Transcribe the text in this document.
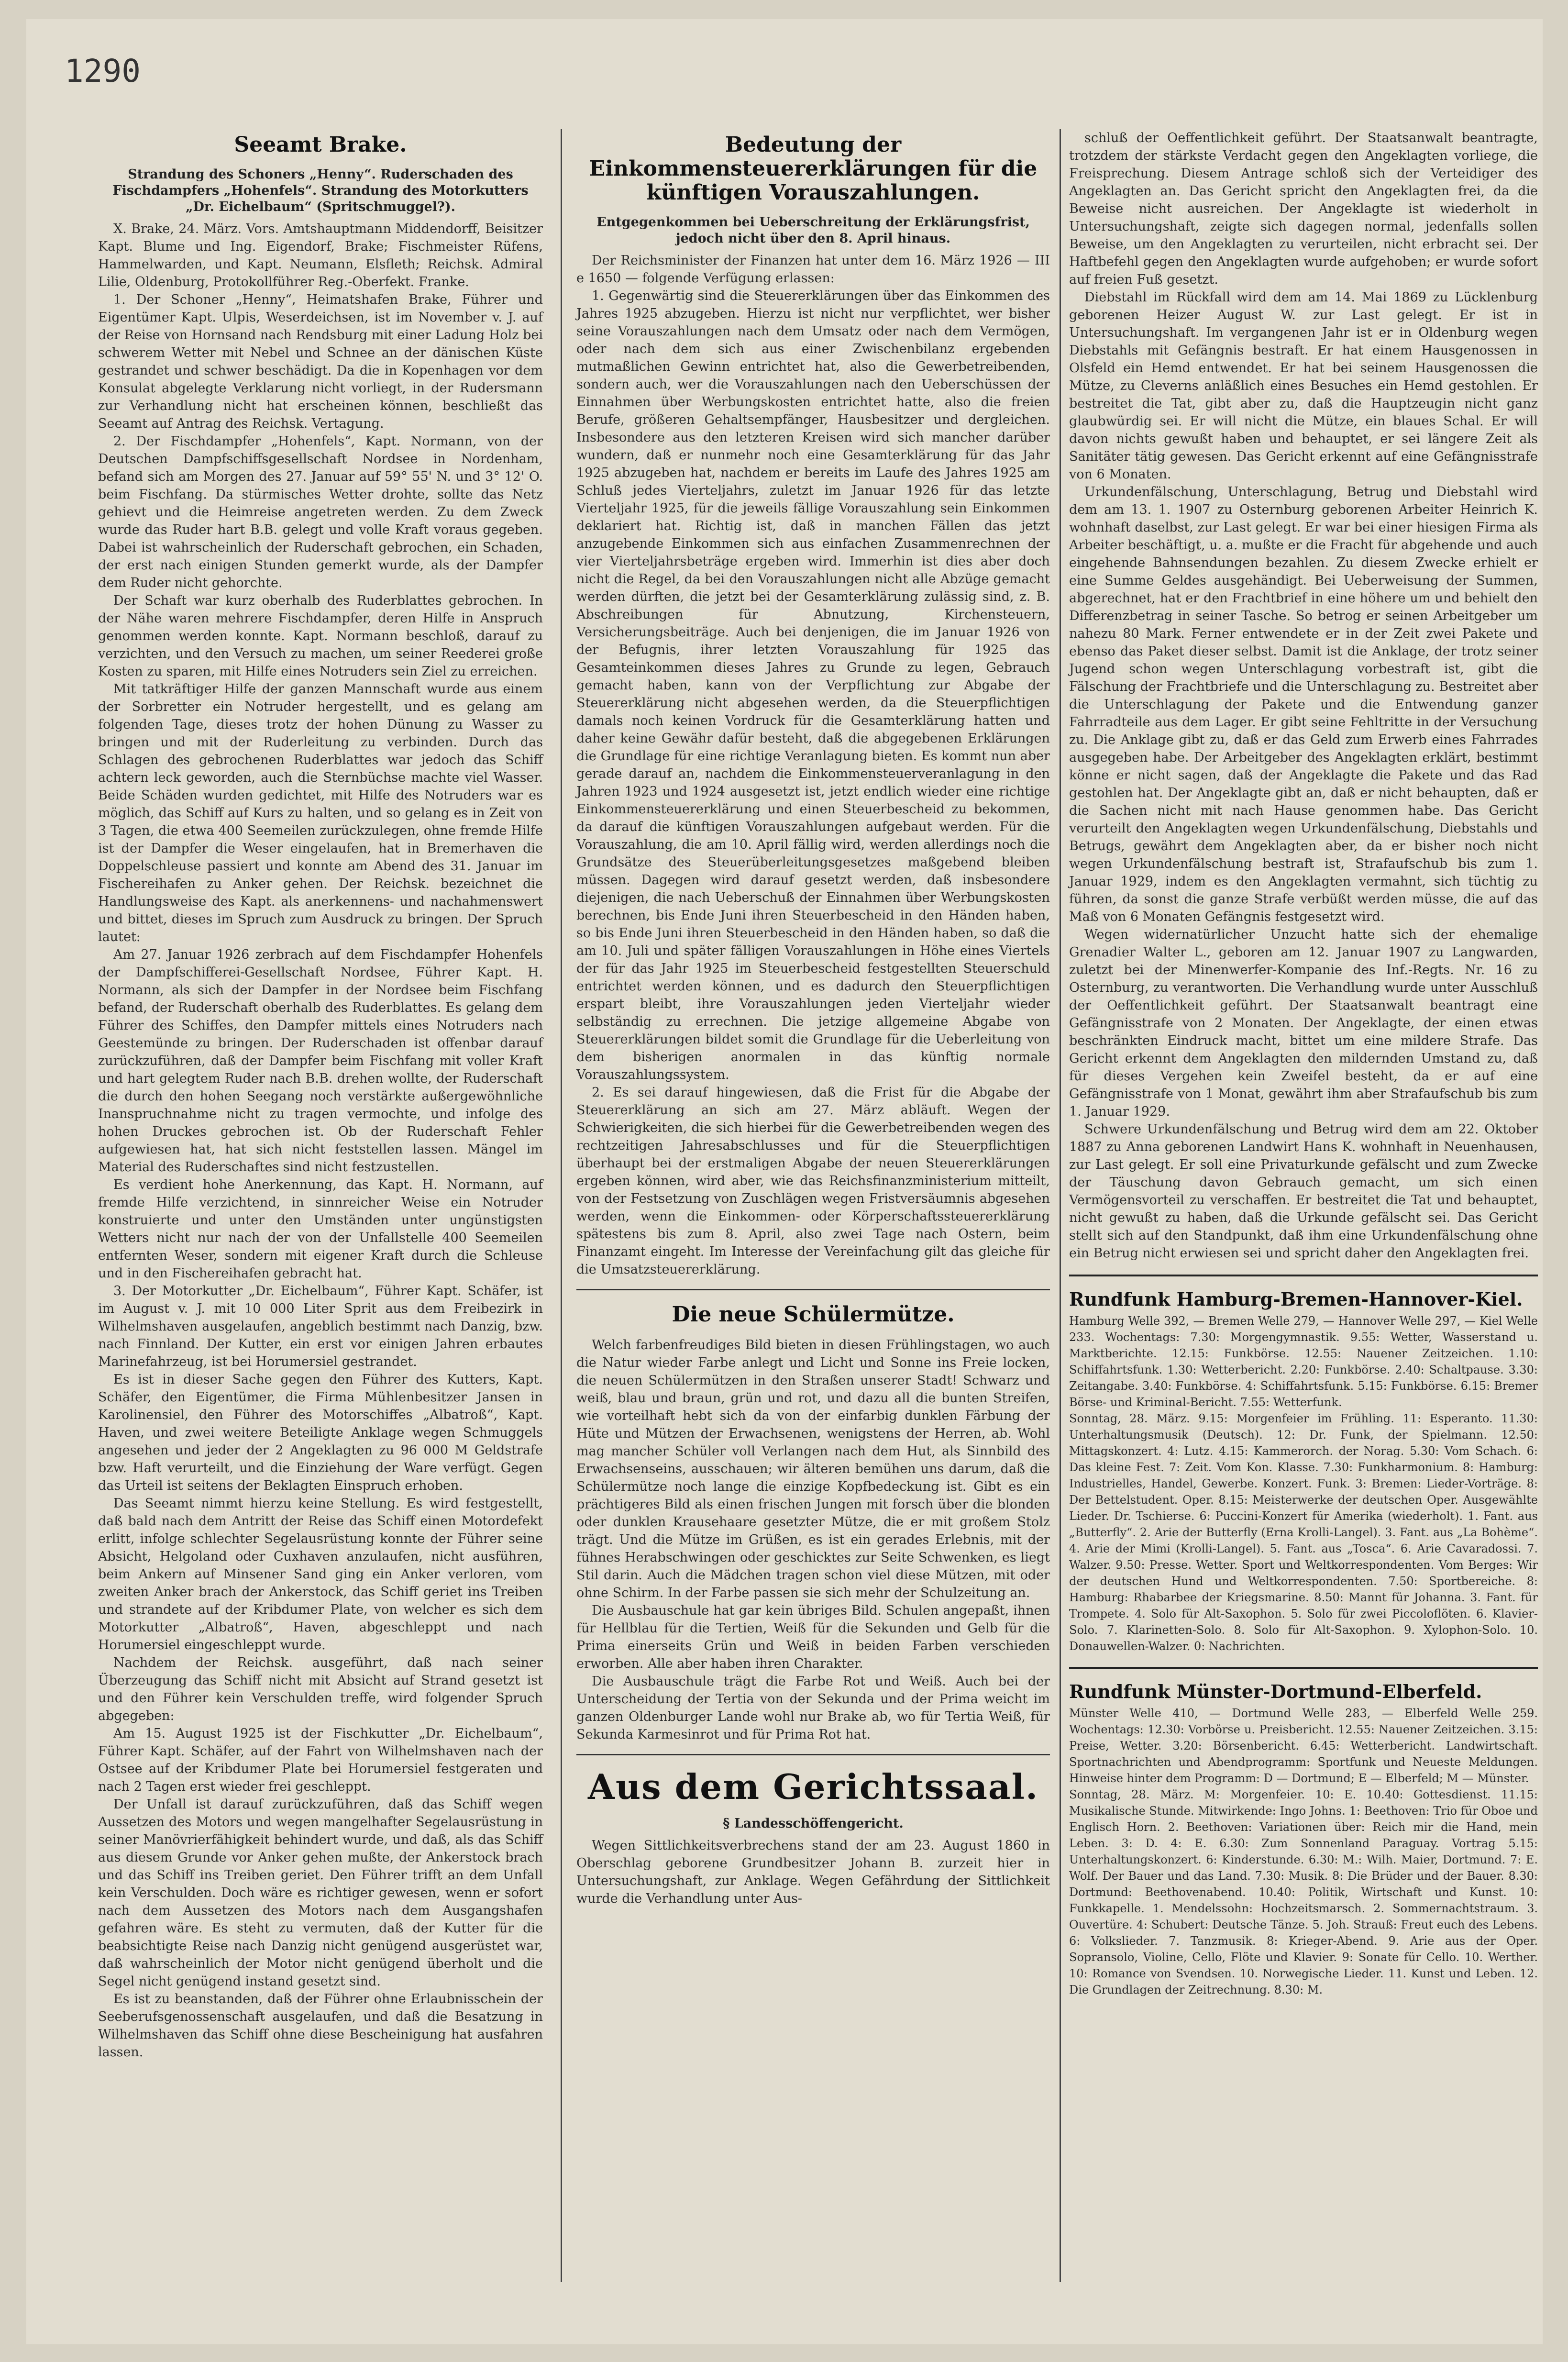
1290
Seeamt Brake.
Strandung des Schoners „Henny“. Ruderschaden des Fischdampfers „Hohenfels“. Strandung des Motorkutters „Dr. Eichelbaum“ (Spritschmuggel?).

X. Brake, 24. März. Vors. Amtshauptmann Middendorff, Beisitzer Kapt. Blume und Ing. Eigendorf, Brake; Fischmeister Rüfens, Hammelwarden, und Kapt. Neumann, Elsfleth; Reichsk. Admiral Lilie, Oldenburg, Protokollführer Reg.-Oberfekt. Franke.

1. Der Schoner „Henny“, Heimatshafen Brake, Führer und Eigentümer Kapt. Ulpis, Weserdeichsen, ist im November v. J. auf der Reise von Hornsand nach Rendsburg mit einer Ladung Holz bei schwerem Wetter mit Nebel und Schnee an der dänischen Küste gestrandet und schwer beschädigt. Da die in Kopenhagen vor dem Konsulat abgelegte Verklarung nicht vorliegt, in der Rudersmann zur Verhandlung nicht hat erscheinen können, beschließt das Seeamt auf Antrag des Reichsk. Vertagung.

2. Der Fischdampfer „Hohenfels“, Kapt. Normann, von der Deutschen Dampfschiffsgesellschaft Nordsee in Nordenham, befand sich am Morgen des 27. Januar auf 59° 55' N. und 3° 12' O. beim Fischfang. Da stürmisches Wetter drohte, sollte das Netz gehievt und die Heimreise angetreten werden. Zu dem Zweck wurde das Ruder hart B.B. gelegt und volle Kraft voraus gegeben. Dabei ist wahrscheinlich der Ruderschaft gebrochen, ein Schaden, der erst nach einigen Stunden gemerkt wurde, als der Dampfer dem Ruder nicht gehorchte.

Der Schaft war kurz oberhalb des Ruderblattes gebrochen. In der Nähe waren mehrere Fischdampfer, deren Hilfe in Anspruch genommen werden konnte. Kapt. Normann beschloß, darauf zu verzichten, und den Versuch zu machen, um seiner Reederei große Kosten zu sparen, mit Hilfe eines Notruders sein Ziel zu erreichen.

Mit tatkräftiger Hilfe der ganzen Mannschaft wurde aus einem der Sorbretter ein Notruder hergestellt, und es gelang am folgenden Tage, dieses trotz der hohen Dünung zu Wasser zu bringen und mit der Ruderleitung zu verbinden. Durch das Schlagen des gebrochenen Ruderblattes war jedoch das Schiff achtern leck geworden, auch die Sternbüchse machte viel Wasser. Beide Schäden wurden gedichtet, mit Hilfe des Notruders war es möglich, das Schiff auf Kurs zu halten, und so gelang es in Zeit von 3 Tagen, die etwa 400 Seemeilen zurückzulegen, ohne fremde Hilfe ist der Dampfer die Weser eingelaufen, hat in Bremerhaven die Doppelschleuse passiert und konnte am Abend des 31. Januar im Fischereihafen zu Anker gehen. Der Reichsk. bezeichnet die Handlungsweise des Kapt. als anerkennens- und nachahmenswert und bittet, dieses im Spruch zum Ausdruck zu bringen. Der Spruch lautet:

Am 27. Januar 1926 zerbrach auf dem Fischdampfer Hohenfels der Dampfschifferei-Gesellschaft Nordsee, Führer Kapt. H. Normann, als sich der Dampfer in der Nordsee beim Fischfang befand, der Ruderschaft oberhalb des Ruderblattes. Es gelang dem Führer des Schiffes, den Dampfer mittels eines Notruders nach Geestemünde zu bringen. Der Ruderschaden ist offenbar darauf zurückzuführen, daß der Dampfer beim Fischfang mit voller Kraft und hart gelegtem Ruder nach B.B. drehen wollte, der Ruderschaft die durch den hohen Seegang noch verstärkte außergewöhnliche Inanspruchnahme nicht zu tragen vermochte, und infolge des hohen Druckes gebrochen ist. Ob der Ruderschaft Fehler aufgewiesen hat, hat sich nicht feststellen lassen. Mängel im Material des Ruderschaftes sind nicht festzustellen.

Es verdient hohe Anerkennung, das Kapt. H. Normann, auf fremde Hilfe verzichtend, in sinnreicher Weise ein Notruder konstruierte und unter den Umständen unter ungünstigsten Wetters nicht nur nach der von der Unfallstelle 400 Seemeilen entfernten Weser, sondern mit eigener Kraft durch die Schleuse und in den Fischereihafen gebracht hat.

3. Der Motorkutter „Dr. Eichelbaum“, Führer Kapt. Schäfer, ist im August v. J. mit 10 000 Liter Sprit aus dem Freibezirk in Wilhelmshaven ausgelaufen, angeblich bestimmt nach Danzig, bzw. nach Finnland. Der Kutter, ein erst vor einigen Jahren erbautes Marinefahrzeug, ist bei Horumersiel gestrandet.

Es ist in dieser Sache gegen den Führer des Kutters, Kapt. Schäfer, den Eigentümer, die Firma Mühlenbesitzer Jansen in Karolinensiel, den Führer des Motorschiffes „Albatroß“, Kapt. Haven, und zwei weitere Beteiligte Anklage wegen Schmuggels angesehen und jeder der 2 Angeklagten zu 96 000 M Geldstrafe bzw. Haft verurteilt, und die Einziehung der Ware verfügt. Gegen das Urteil ist seitens der Beklagten Einspruch erhoben.

Das Seeamt nimmt hierzu keine Stellung. Es wird festgestellt, daß bald nach dem Antritt der Reise das Schiff einen Motordefekt erlitt, infolge schlechter Segelausrüstung konnte der Führer seine Absicht, Helgoland oder Cuxhaven anzulaufen, nicht ausführen, beim Ankern auf Minsener Sand ging ein Anker verloren, vom zweiten Anker brach der Ankerstock, das Schiff geriet ins Treiben und strandete auf der Kribdumer Plate, von welcher es sich dem Motorkutter „Albatroß“, Haven, abgeschleppt und nach Horumersiel eingeschleppt wurde.

Nachdem der Reichsk. ausgeführt, daß nach seiner Überzeugung das Schiff nicht mit Absicht auf Strand gesetzt ist und den Führer kein Verschulden treffe, wird folgender Spruch abgegeben:

Am 15. August 1925 ist der Fischkutter „Dr. Eichelbaum“, Führer Kapt. Schäfer, auf der Fahrt von Wilhelmshaven nach der Ostsee auf der Kribdumer Plate bei Horumersiel festgeraten und nach 2 Tagen erst wieder frei geschleppt.

Der Unfall ist darauf zurückzuführen, daß das Schiff wegen Aussetzen des Motors und wegen mangelhafter Segelausrüstung in seiner Manövrierfähigkeit behindert wurde, und daß, als das Schiff aus diesem Grunde vor Anker gehen mußte, der Ankerstock brach und das Schiff ins Treiben geriet. Den Führer trifft an dem Unfall kein Verschulden. Doch wäre es richtiger gewesen, wenn er sofort nach dem Aussetzen des Motors nach dem Ausgangshafen gefahren wäre. Es steht zu vermuten, daß der Kutter für die beabsichtigte Reise nach Danzig nicht genügend ausgerüstet war, daß wahrscheinlich der Motor nicht genügend überholt und die Segel nicht genügend instand gesetzt sind.

Es ist zu beanstanden, daß der Führer ohne Erlaubnisschein der Seeberufsgenossenschaft ausgelaufen, und daß die Besatzung in Wilhelmshaven das Schiff ohne diese Bescheinigung hat ausfahren lassen.

Bedeutung der Einkommensteuererklärungen für die künftigen Vorauszahlungen.
Entgegenkommen bei Ueberschreitung der Erklärungsfrist, jedoch nicht über den 8. April hinaus.

Der Reichsminister der Finanzen hat unter dem 16. März 1926 — III e 1650 — folgende Verfügung erlassen:

1. Gegenwärtig sind die Steuererklärungen über das Einkommen des Jahres 1925 abzugeben. Hierzu ist nicht nur verpflichtet, wer bisher seine Vorauszahlungen nach dem Umsatz oder nach dem Vermögen, oder nach dem sich aus einer Zwischenbilanz ergebenden mutmaßlichen Gewinn entrichtet hat, also die Gewerbetreibenden, sondern auch, wer die Vorauszahlungen nach den Ueberschüssen der Einnahmen über Werbungskosten entrichtet hatte, also die freien Berufe, größeren Gehaltsempfänger, Hausbesitzer und dergleichen. Insbesondere aus den letzteren Kreisen wird sich mancher darüber wundern, daß er nunmehr noch eine Gesamterklärung für das Jahr 1925 abzugeben hat, nachdem er bereits im Laufe des Jahres 1925 am Schluß jedes Vierteljahrs, zuletzt im Januar 1926 für das letzte Vierteljahr 1925, für die jeweils fällige Vorauszahlung sein Einkommen deklariert hat. Richtig ist, daß in manchen Fällen das jetzt anzugebende Einkommen sich aus einfachen Zusammenrechnen der vier Vierteljahrsbeträge ergeben wird. Immerhin ist dies aber doch nicht die Regel, da bei den Vorauszahlungen nicht alle Abzüge gemacht werden dürften, die jetzt bei der Gesamterklärung zulässig sind, z. B. Abschreibungen für Abnutzung, Kirchensteuern, Versicherungsbeiträge. Auch bei denjenigen, die im Januar 1926 von der Befugnis, ihrer letzten Vorauszahlung für 1925 das Gesamteinkommen dieses Jahres zu Grunde zu legen, Gebrauch gemacht haben, kann von der Verpflichtung zur Abgabe der Steuererklärung nicht abgesehen werden, da die Steuerpflichtigen damals noch keinen Vordruck für die Gesamterklärung hatten und daher keine Gewähr dafür besteht, daß die abgegebenen Erklärungen die Grundlage für eine richtige Veranlagung bieten. Es kommt nun aber gerade darauf an, nachdem die Einkommensteuerveranlagung in den Jahren 1923 und 1924 ausgesetzt ist, jetzt endlich wieder eine richtige Einkommensteuererklärung und einen Steuerbescheid zu bekommen, da darauf die künftigen Vorauszahlungen aufgebaut werden. Für die Vorauszahlung, die am 10. April fällig wird, werden allerdings noch die Grundsätze des Steuerüberleitungsgesetzes maßgebend bleiben müssen. Dagegen wird darauf gesetzt werden, daß insbesondere diejenigen, die nach Ueberschuß der Einnahmen über Werbungskosten berechnen, bis Ende Juni ihren Steuerbescheid in den Händen haben, so bis Ende Juni ihren Steuerbescheid in den Händen haben, so daß die am 10. Juli und später fälligen Vorauszahlungen in Höhe eines Viertels der für das Jahr 1925 im Steuerbescheid festgestellten Steuerschuld entrichtet werden können, und es dadurch den Steuerpflichtigen erspart bleibt, ihre Vorauszahlungen jeden Vierteljahr wieder selbständig zu errechnen. Die jetzige allgemeine Abgabe von Steuererklärungen bildet somit die Grundlage für die Ueberleitung von dem bisherigen anormalen in das künftig normale Vorauszahlungssystem.

2. Es sei darauf hingewiesen, daß die Frist für die Abgabe der Steuererklärung an sich am 27. März abläuft. Wegen der Schwierigkeiten, die sich hierbei für die Gewerbetreibenden wegen des rechtzeitigen Jahresabschlusses und für die Steuerpflichtigen überhaupt bei der erstmaligen Abgabe der neuen Steuererklärungen ergeben können, wird aber, wie das Reichsfinanzministerium mitteilt, von der Festsetzung von Zuschlägen wegen Fristversäumnis abgesehen werden, wenn die Einkommen- oder Körperschaftssteuererklärung spätestens bis zum 8. April, also zwei Tage nach Ostern, beim Finanzamt eingeht. Im Interesse der Vereinfachung gilt das gleiche für die Umsatzsteuererklärung.

Die neue Schülermütze.

Welch farbenfreudiges Bild bieten in diesen Frühlingstagen, wo auch die Natur wieder Farbe anlegt und Licht und Sonne ins Freie locken, die neuen Schülermützen in den Straßen unserer Stadt! Schwarz und weiß, blau und braun, grün und rot, und dazu all die bunten Streifen, wie vorteilhaft hebt sich da von der einfarbig dunklen Färbung der Hüte und Mützen der Erwachsenen, wenigstens der Herren, ab. Wohl mag mancher Schüler voll Verlangen nach dem Hut, als Sinnbild des Erwachsenseins, ausschauen; wir älteren bemühen uns darum, daß die Schülermütze noch lange die einzige Kopfbedeckung ist. Gibt es ein prächtigeres Bild als einen frischen Jungen mit forsch über die blonden oder dunklen Krausehaare gesetzter Mütze, die er mit großem Stolz trägt. Und die Mütze im Grüßen, es ist ein gerades Erlebnis, mit der fühnes Herabschwingen oder geschicktes zur Seite Schwenken, es liegt Stil darin. Auch die Mädchen tragen schon viel diese Mützen, mit oder ohne Schirm. In der Farbe passen sie sich mehr der Schulzeitung an.

Die Ausbauschule hat gar kein übriges Bild. Schulen angepaßt, ihnen für Hellblau für die Tertien, Weiß für die Sekunden und Gelb für die Prima einerseits Grün und Weiß in beiden Farben verschieden erworben. Alle aber haben ihren Charakter.

Die Ausbauschule trägt die Farbe Rot und Weiß. Auch bei der Unterscheidung der Tertia von der Sekunda und der Prima weicht im ganzen Oldenburger Lande wohl nur Brake ab, wo für Tertia Weiß, für Sekunda Karmesinrot und für Prima Rot hat.

Aus dem Gerichtssaal.
§ Landesschöffengericht.

Wegen Sittlichkeitsverbrechens stand der am 23. August 1860 in Oberschlag geborene Grundbesitzer Johann B. zurzeit hier in Untersuchungshaft, zur Anklage. Wegen Gefährdung der Sittlichkeit wurde die Verhandlung unter Aus-

schluß der Oeffentlichkeit geführt. Der Staatsanwalt beantragte, trotzdem der stärkste Verdacht gegen den Angeklagten vorliege, die Freisprechung. Diesem Antrage schloß sich der Verteidiger des Angeklagten an. Das Gericht spricht den Angeklagten frei, da die Beweise nicht ausreichen. Der Angeklagte ist wiederholt in Untersuchungshaft, zeigte sich dagegen normal, jedenfalls sollen Beweise, um den Angeklagten zu verurteilen, nicht erbracht sei. Der Haftbefehl gegen den Angeklagten wurde aufgehoben; er wurde sofort auf freien Fuß gesetzt.

Diebstahl im Rückfall wird dem am 14. Mai 1869 zu Lücklenburg geborenen Heizer August W. zur Last gelegt. Er ist in Untersuchungshaft. Im vergangenen Jahr ist er in Oldenburg wegen Diebstahls mit Gefängnis bestraft. Er hat einem Hausgenossen in Olsfeld ein Hemd entwendet. Er hat bei seinem Hausgenossen die Mütze, zu Cleverns anläßlich eines Besuches ein Hemd gestohlen. Er bestreitet die Tat, gibt aber zu, daß die Hauptzeugin nicht ganz glaubwürdig sei. Er will nicht die Mütze, ein blaues Schal. Er will davon nichts gewußt haben und behauptet, er sei längere Zeit als Sanitäter tätig gewesen. Das Gericht erkennt auf eine Gefängnisstrafe von 6 Monaten.

Urkundenfälschung, Unterschlagung, Betrug und Diebstahl wird dem am 13. 1. 1907 zu Osternburg geborenen Arbeiter Heinrich K. wohnhaft daselbst, zur Last gelegt. Er war bei einer hiesigen Firma als Arbeiter beschäftigt, u. a. mußte er die Fracht für abgehende und auch eingehende Bahnsendungen bezahlen. Zu diesem Zwecke erhielt er eine Summe Geldes ausgehändigt. Bei Ueberweisung der Summen, abgerechnet, hat er den Frachtbrief in eine höhere um und behielt den Differenzbetrag in seiner Tasche. So betrog er seinen Arbeitgeber um nahezu 80 Mark. Ferner entwendete er in der Zeit zwei Pakete und ebenso das Paket dieser selbst. Damit ist die Anklage, der trotz seiner Jugend schon wegen Unterschlagung vorbestraft ist, gibt die Fälschung der Frachtbriefe und die Unterschlagung zu. Bestreitet aber die Unterschlagung der Pakete und die Entwendung ganzer Fahrradteile aus dem Lager. Er gibt seine Fehltritte in der Versuchung zu. Die Anklage gibt zu, daß er das Geld zum Erwerb eines Fahrrades ausgegeben habe. Der Arbeitgeber des Angeklagten erklärt, bestimmt könne er nicht sagen, daß der Angeklagte die Pakete und das Rad gestohlen hat. Der Angeklagte gibt an, daß er nicht behaupten, daß er die Sachen nicht mit nach Hause genommen habe. Das Gericht verurteilt den Angeklagten wegen Urkundenfälschung, Diebstahls und Betrugs, gewährt dem Angeklagten aber, da er bisher noch nicht wegen Urkundenfälschung bestraft ist, Strafaufschub bis zum 1. Januar 1929, indem es den Angeklagten vermahnt, sich tüchtig zu führen, da sonst die ganze Strafe verbüßt werden müsse, die auf das Maß von 6 Monaten Gefängnis festgesetzt wird.

Wegen widernatürlicher Unzucht hatte sich der ehemalige Grenadier Walter L., geboren am 12. Januar 1907 zu Langwarden, zuletzt bei der Minenwerfer-Kompanie des Inf.-Regts. Nr. 16 zu Osternburg, zu verantworten. Die Verhandlung wurde unter Ausschluß der Oeffentlichkeit geführt. Der Staatsanwalt beantragt eine Gefängnisstrafe von 2 Monaten. Der Angeklagte, der einen etwas beschränkten Eindruck macht, bittet um eine mildere Strafe. Das Gericht erkennt dem Angeklagten den mildernden Umstand zu, daß für dieses Vergehen kein Zweifel besteht, da er auf eine Gefängnisstrafe von 1 Monat, gewährt ihm aber Strafaufschub bis zum 1. Januar 1929.

Schwere Urkundenfälschung und Betrug wird dem am 22. Oktober 1887 zu Anna geborenen Landwirt Hans K. wohnhaft in Neuenhausen, zur Last gelegt. Er soll eine Privaturkunde gefälscht und zum Zwecke der Täuschung davon Gebrauch gemacht, um sich einen Vermögensvorteil zu verschaffen. Er bestreitet die Tat und behauptet, nicht gewußt zu haben, daß die Urkunde gefälscht sei. Das Gericht stellt sich auf den Standpunkt, daß ihm eine Urkundenfälschung ohne ein Betrug nicht erwiesen sei und spricht daher den Angeklagten frei.

Rundfunk Hamburg-Bremen-Hannover-Kiel.

Hamburg Welle 392, — Bremen Welle 279, — Hannover Welle 297, — Kiel Welle 233. Wochentags: 7.30: Morgengymnastik. 9.55: Wetter, Wasserstand u. Marktberichte. 12.15: Funkbörse. 12.55: Nauener Zeitzeichen. 1.10: Schiffahrtsfunk. 1.30: Wetterbericht. 2.20: Funkbörse. 2.40: Schaltpause. 3.30: Zeitangabe. 3.40: Funkbörse. 4: Schiffahrtsfunk. 5.15: Funkbörse. 6.15: Bremer Börse- und Kriminal-Bericht. 7.55: Wetterfunk.
Sonntag, 28. März. 9.15: Morgenfeier im Frühling. 11: Esperanto. 11.30: Unterhaltungsmusik (Deutsch). 12: Dr. Funk, der Spielmann. 12.50: Mittagskonzert. 4: Lutz. 4.15: Kammerorch. der Norag. 5.30: Vom Schach. 6: Das kleine Fest. 7: Zeit. Vom Kon. Klasse. 7.30: Funkharmonium. 8: Hamburg: Industrielles, Handel, Gewerbe. Konzert. Funk. 3: Bremen: Lieder-Vorträge. 8: Der Bettelstudent. Oper. 8.15: Meisterwerke der deutschen Oper. Ausgewählte Lieder. Dr. Tschierse. 6: Puccini-Konzert für Amerika (wiederholt). 1. Fant. aus „Butterfly“. 2. Arie der Butterfly (Erna Krolli-Langel). 3. Fant. aus „La Bohème“. 4. Arie der Mimi (Krolli-Langel). 5. Fant. aus „Tosca“. 6. Arie Cavaradossi. 7. Walzer. 9.50: Presse. Wetter. Sport und Weltkorrespondenten. Vom Berges: Wir der deutschen Hund und Weltkorrespondenten. 7.50: Sportbereiche. 8: Hamburg: Rhabarbee der Kriegsmarine. 8.50: Mannt für Johanna. 3. Fant. für Trompete. 4. Solo für Alt-Saxophon. 5. Solo für zwei Piccoloflöten. 6. Klavier-Solo. 7. Klarinetten-Solo. 8. Solo für Alt-Saxophon. 9. Xylophon-Solo. 10. Donauwellen-Walzer. 0: Nachrichten.

Rundfunk Münster-Dortmund-Elberfeld.

Münster Welle 410, — Dortmund Welle 283, — Elberfeld Welle 259. Wochentags: 12.30: Vorbörse u. Preisbericht. 12.55: Nauener Zeitzeichen. 3.15: Preise, Wetter. 3.20: Börsenbericht. 6.45: Wetterbericht. Landwirtschaft. Sportnachrichten und Abendprogramm: Sportfunk und Neueste Meldungen. Hinweise hinter dem Programm: D — Dortmund; E — Elberfeld; M — Münster.
Sonntag, 28. März. M: Morgenfeier. 10: E. 10.40: Gottesdienst. 11.15: Musikalische Stunde. Mitwirkende: Ingo Johns. 1: Beethoven: Trio für Oboe und Englisch Horn. 2. Beethoven: Variationen über: Reich mir die Hand, mein Leben. 3: D. 4: E. 6.30: Zum Sonnenland Paraguay. Vortrag 5.15: Unterhaltungskonzert. 6: Kinderstunde. 6.30: M.: Wilh. Maier, Dortmund. 7: E. Wolf. Der Bauer und das Land. 7.30: Musik. 8: Die Brüder und der Bauer. 8.30: Dortmund: Beethovenabend. 10.40: Politik, Wirtschaft und Kunst. 10: Funkkapelle. 1. Mendelssohn: Hochzeitsmarsch. 2. Sommernachtstraum. 3. Ouvertüre. 4: Schubert: Deutsche Tänze. 5. Joh. Strauß: Freut euch des Lebens. 6: Volkslieder. 7. Tanzmusik. 8: Krieger-Abend. 9. Arie aus der Oper. Sopransolo, Violine, Cello, Flöte und Klavier. 9: Sonate für Cello. 10. Werther. 10: Romance von Svendsen. 10. Norwegische Lieder. 11. Kunst und Leben. 12. Die Grundlagen der Zeitrechnung. 8.30: M.
